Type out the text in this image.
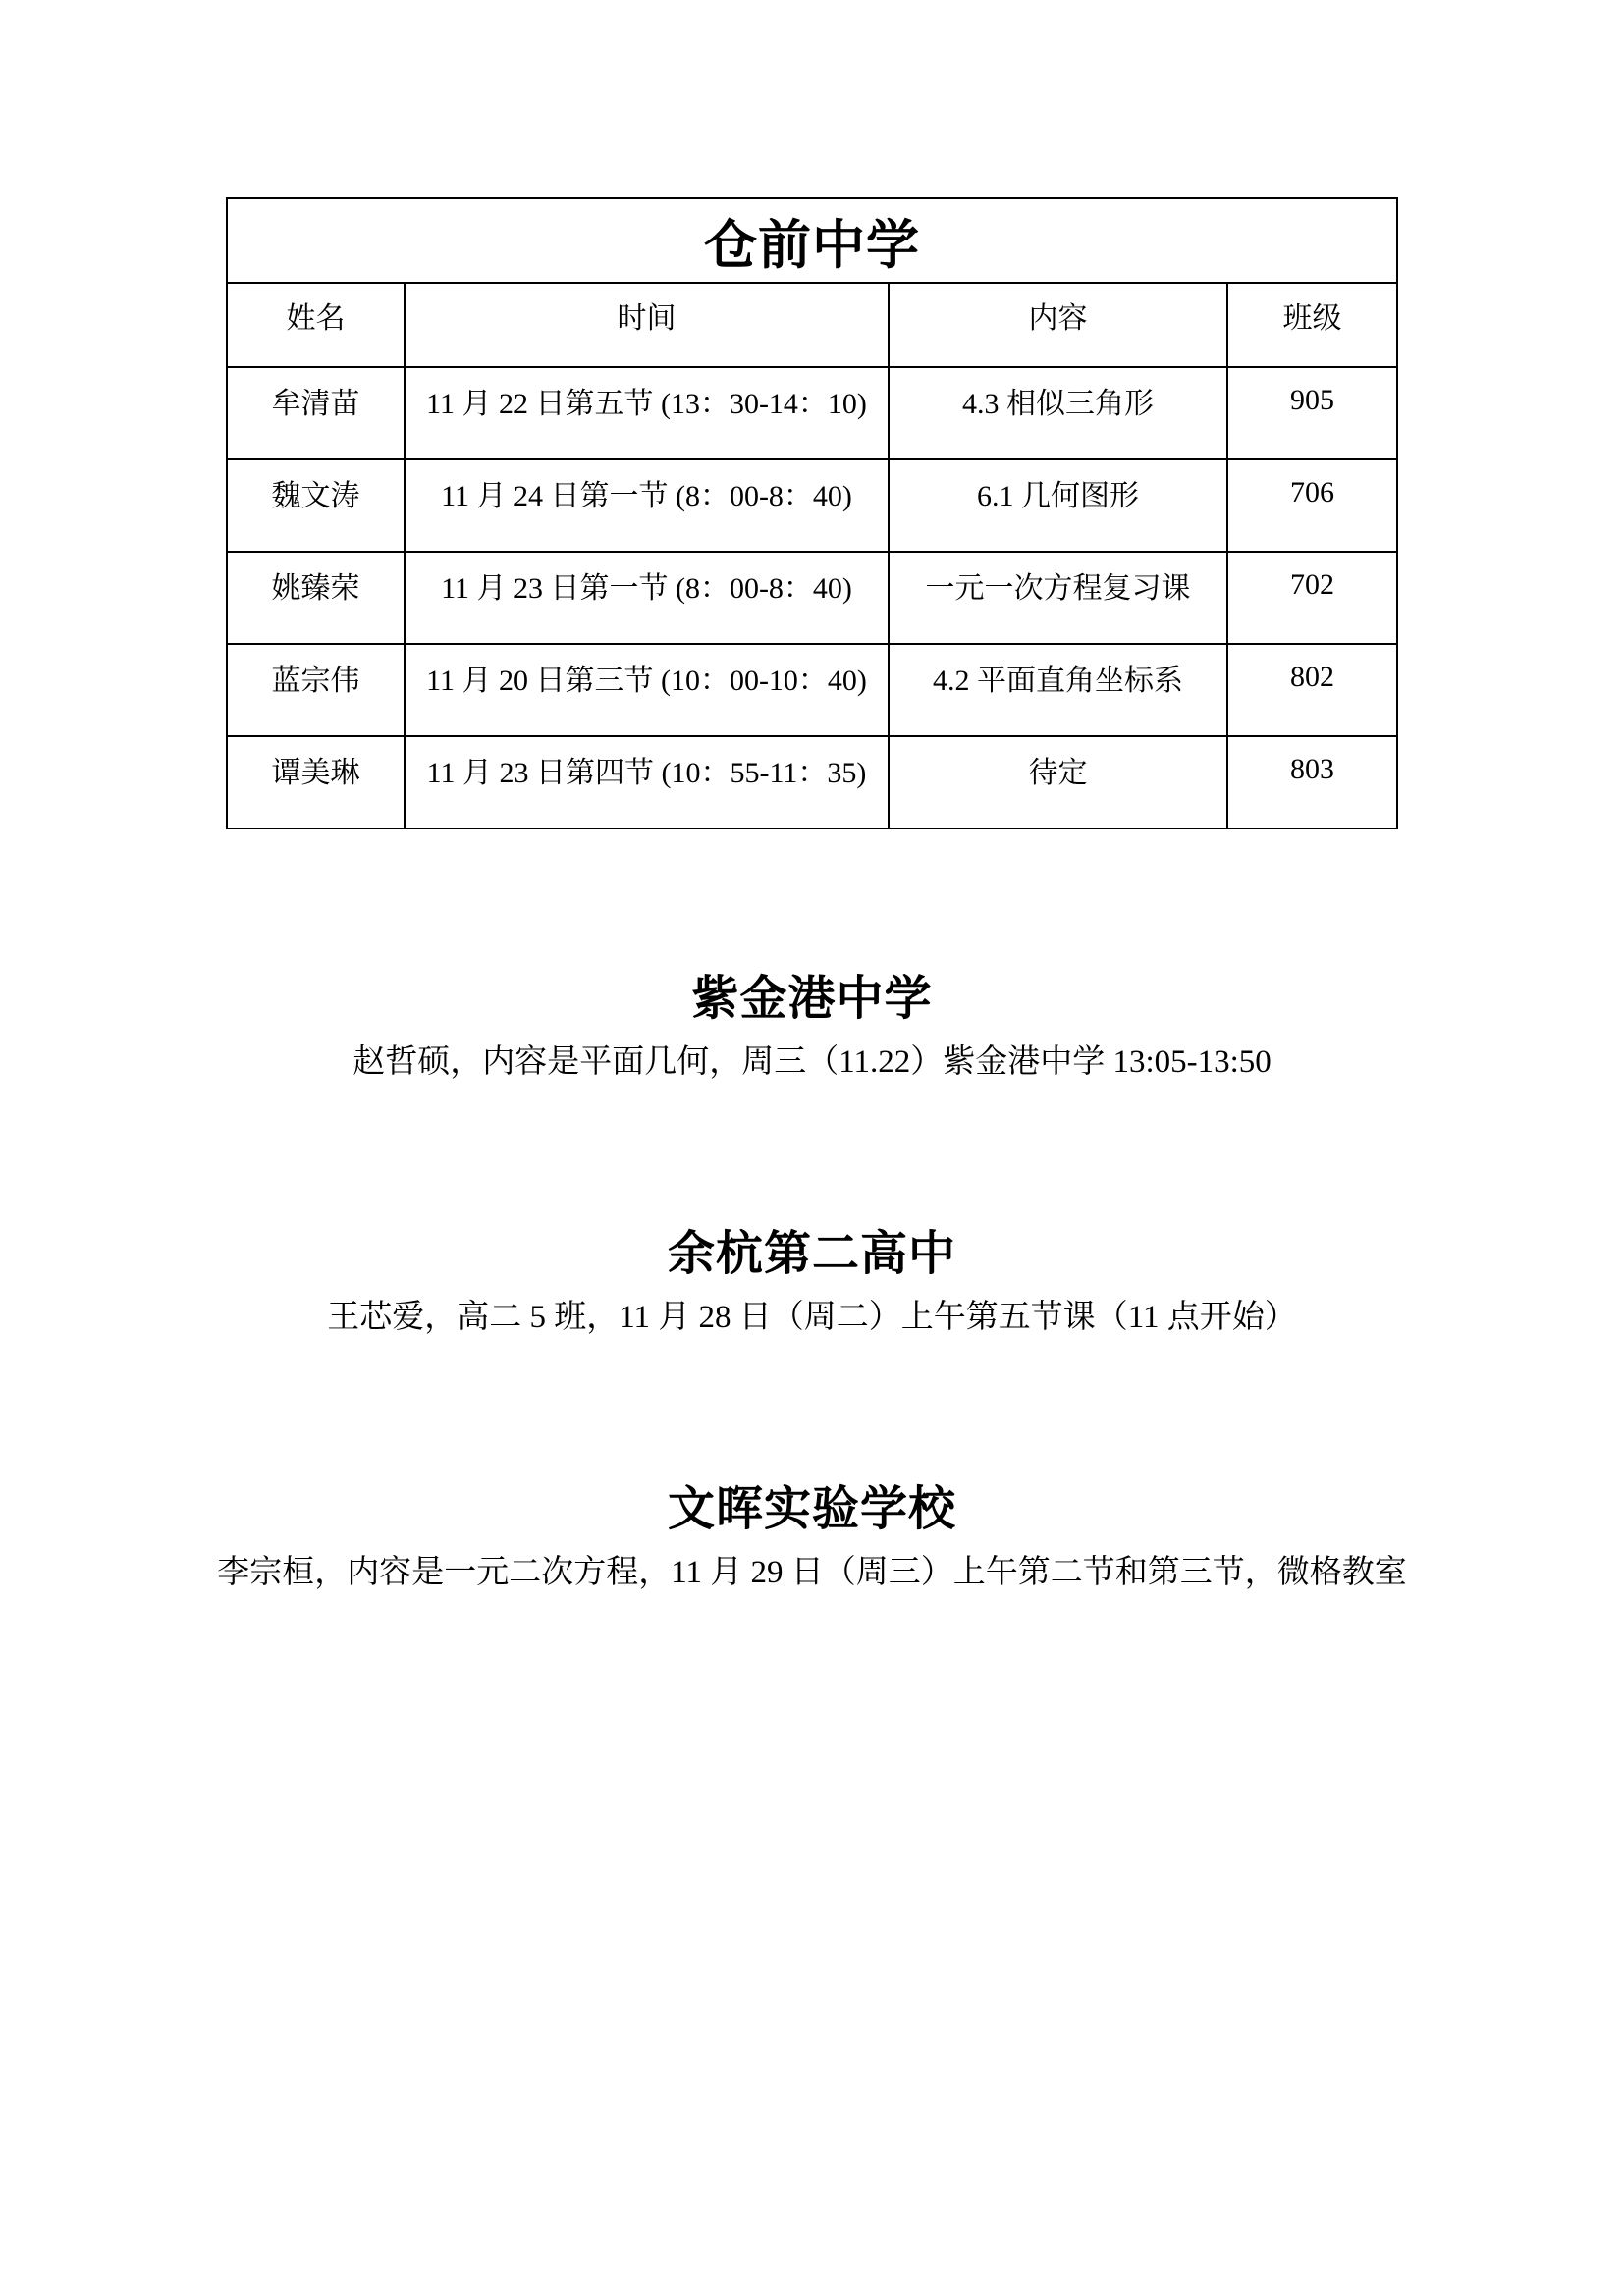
仓前中学			
姓名	时间	内容	班级
牟清苗	11 月 22 日第五节 (13：30-14：10)	4.3 相似三角形	905
魏文涛	11 月 24 日第一节 (8：00-8：40)	6.1 几何图形	706
姚臻荣	11 月 23 日第一节 (8：00-8：40)	一元一次方程复习课	702
蓝宗伟	11 月 20 日第三节 (10：00-10：40)	4.2 平面直角坐标系	802
谭美琳	11 月 23 日第四节 (10：55-11：35)	待定	803
紫金港中学

赵哲硕，内容是平面几何，周三（11.22）紫金港中学 13:05-13:50

余杭第二高中

王芯爱，高二 5 班，11 月 28 日（周二）上午第五节课（11 点开始）

文晖实验学校

李宗桓，内容是一元二次方程，11 月 29 日（周三）上午第二节和第三节，微格教室
